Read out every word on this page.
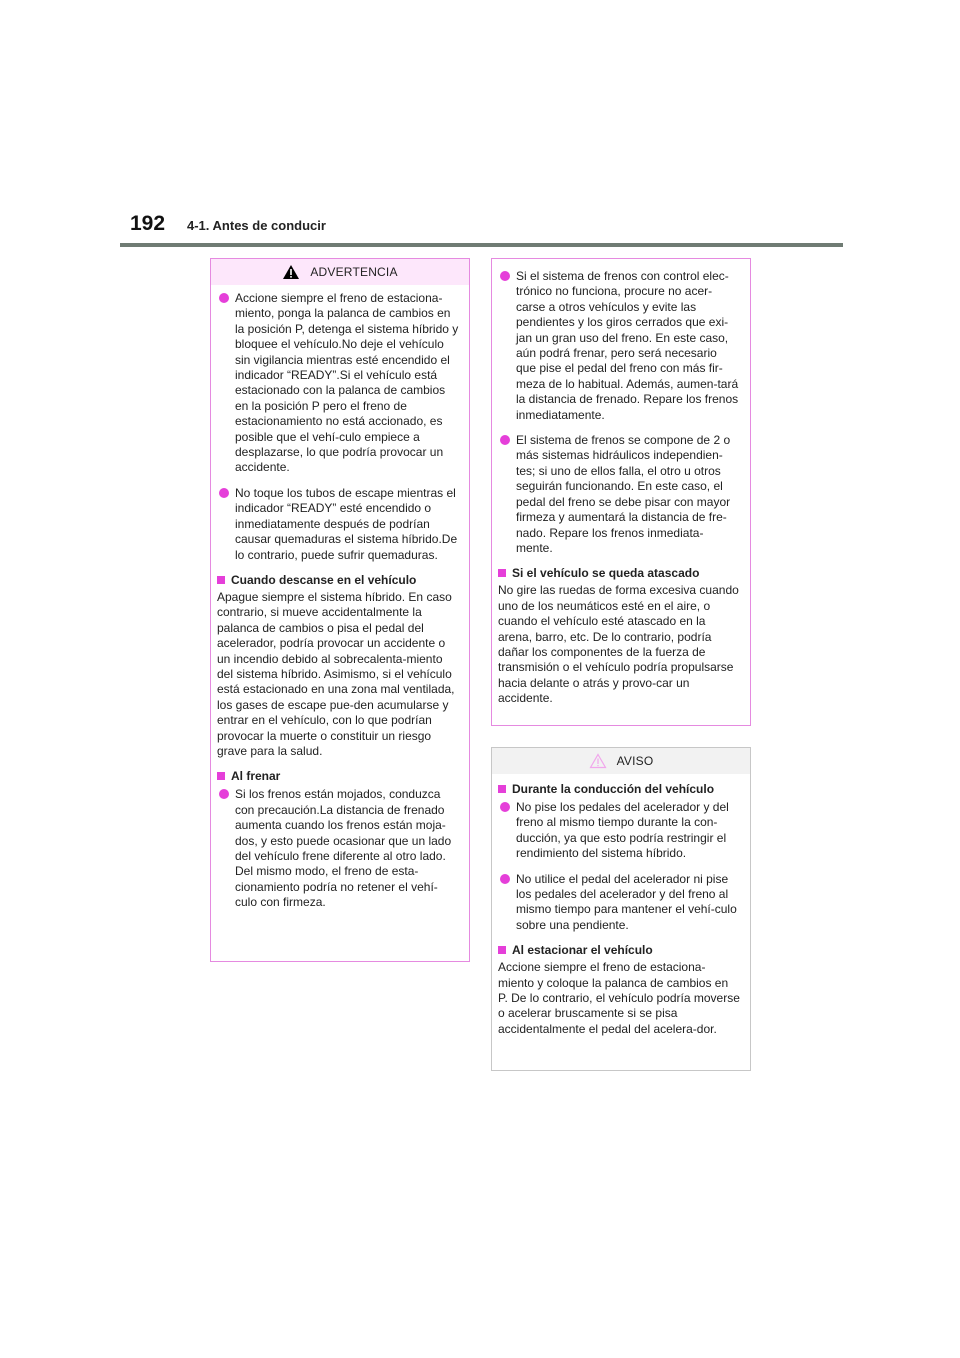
192 4-1. Antes de conducir
ADVERTENCIA
Accione siempre el freno de estaciona-miento, ponga la palanca de cambios en la posición P, detenga el sistema híbrido y bloquee el vehículo.No deje el vehículo sin vigilancia mientras esté encendido el indicador “READY”.Si el vehículo está estacionado con la palanca de cambios en la posición P pero el freno de estacionamiento no está accionado, es posible que el vehí-culo empiece a desplazarse, lo que podría provocar un accidente.
No toque los tubos de escape mientras el indicador “READY” esté encendido o inmediatamente después de podrían causar quemaduras el sistema híbrido.De lo contrario, puede sufrir quemaduras.
Cuando descanse en el vehículo
Apague siempre el sistema híbrido. En caso contrario, si mueve accidentalmente la palanca de cambios o pisa el pedal del acelerador, podría provocar un accidente o un incendio debido al sobrecalenta-miento del sistema híbrido. Asimismo, si el vehículo está estacionado en una zona mal ventilada, los gases de escape pue-den acumularse y entrar en el vehículo, con lo que podrían provocar la muerte o constituir un riesgo grave para la salud.
Al frenar
Si los frenos están mojados, conduzca con precaución.La distancia de frenado aumenta cuando los frenos están moja-dos, y esto puede ocasionar que un lado del vehículo frene diferente al otro lado. Del mismo modo, el freno de esta-cionamiento podría no retener el vehí-culo con firmeza.
Si el sistema de frenos con control elec-trónico no funciona, procure no acer-carse a otros vehículos y evite las pendientes y los giros cerrados que exi-jan un gran uso del freno. En este caso, aún podrá frenar, pero será necesario que pise el pedal del freno con más fir-meza de lo habitual. Además, aumen-tará la distancia de frenado. Repare los frenos inmediatamente.
El sistema de frenos se compone de 2 o más sistemas hidráulicos independien-tes; si uno de ellos falla, el otro u otros seguirán funcionando. En este caso, el pedal del freno se debe pisar con mayor firmeza y aumentará la distancia de fre-nado. Repare los frenos inmediata-mente.
Si el vehículo se queda atascado
No gire las ruedas de forma excesiva cuando uno de los neumáticos esté en el aire, o cuando el vehículo esté atascado en la arena, barro, etc. De lo contrario, podría dañar los componentes de la fuerza de transmisión o el vehículo podría propulsarse hacia delante o atrás y provo-car un accidente.
AVISO
Durante la conducción del vehículo
No pise los pedales del acelerador y del freno al mismo tiempo durante la con-ducción, ya que esto podría restringir el rendimiento del sistema híbrido.
No utilice el pedal del acelerador ni pise los pedales del acelerador y del freno al mismo tiempo para mantener el vehí-culo sobre una pendiente.
Al estacionar el vehículo
Accione siempre el freno de estaciona-miento y coloque la palanca de cambios en P. De lo contrario, el vehículo podría moverse o acelerar bruscamente si se pisa accidentalmente el pedal del acelera-dor.
